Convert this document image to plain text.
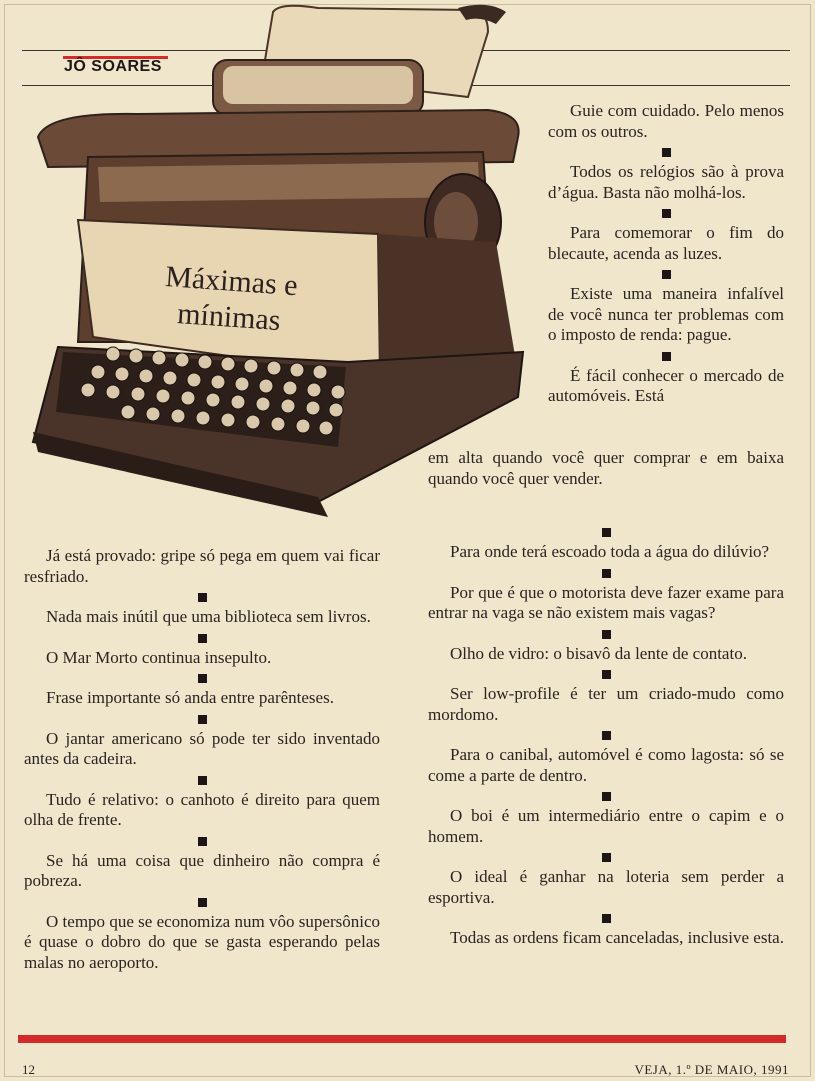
JÔ SOARES
Máximas e
mínimas

Guie com cuidado. Pelo menos com os outros.

Todos os relógios são à prova d’água. Basta não molhá-los.

Para comemorar o fim do blecaute, acenda as luzes.

Existe uma maneira infalível de você nunca ter problemas com o imposto de renda: pague.

É fácil conhecer o mercado de automóveis. Está

em alta quando você quer comprar e em baixa quando você quer vender.

Para onde terá escoado toda a água do dilúvio?

Por que é que o motorista deve fazer exame para entrar na vaga se não existem mais vagas?

Olho de vidro: o bisavô da lente de contato.

Ser low-profile é ter um criado-mudo como mordomo.

Para o canibal, automóvel é como lagosta: só se come a parte de dentro.

O boi é um intermediário entre o capim e o homem.

O ideal é ganhar na loteria sem perder a esportiva.

Todas as ordens ficam canceladas, inclusive esta.

Já está provado: gripe só pega em quem vai ficar resfriado.

Nada mais inútil que uma biblioteca sem livros.

O Mar Morto continua insepulto.

Frase importante só anda entre parênteses.

O jantar americano só pode ter sido inventado antes da cadeira.

Tudo é relativo: o canhoto é direito para quem olha de frente.

Se há uma coisa que dinheiro não compra é pobreza.

O tempo que se economiza num vôo supersônico é quase o dobro do que se gasta esperando pelas malas no aeroporto.

12	VEJA, 1.º DE MAIO, 1991
